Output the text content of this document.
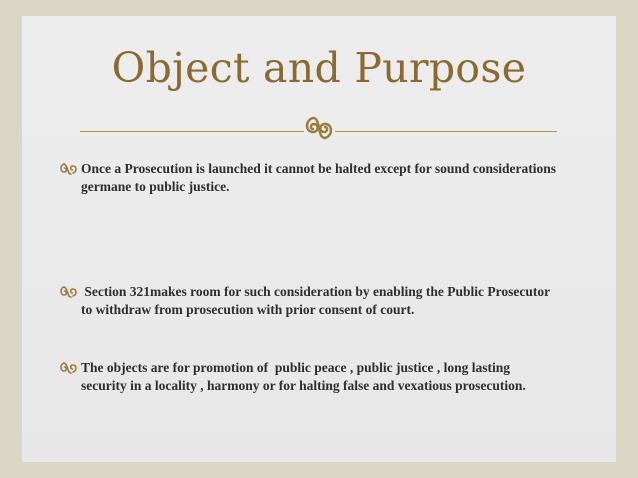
Object and Purpose
Once a Prosecution is launched it cannot be halted except for sound considerations
germane to public justice.
Section 321makes room for such consideration by enabling the Public Prosecutor
to withdraw from prosecution with prior consent of court.
The objects are for promotion of  public peace , public justice , long lasting
security in a locality , harmony or for halting false and vexatious prosecution.
